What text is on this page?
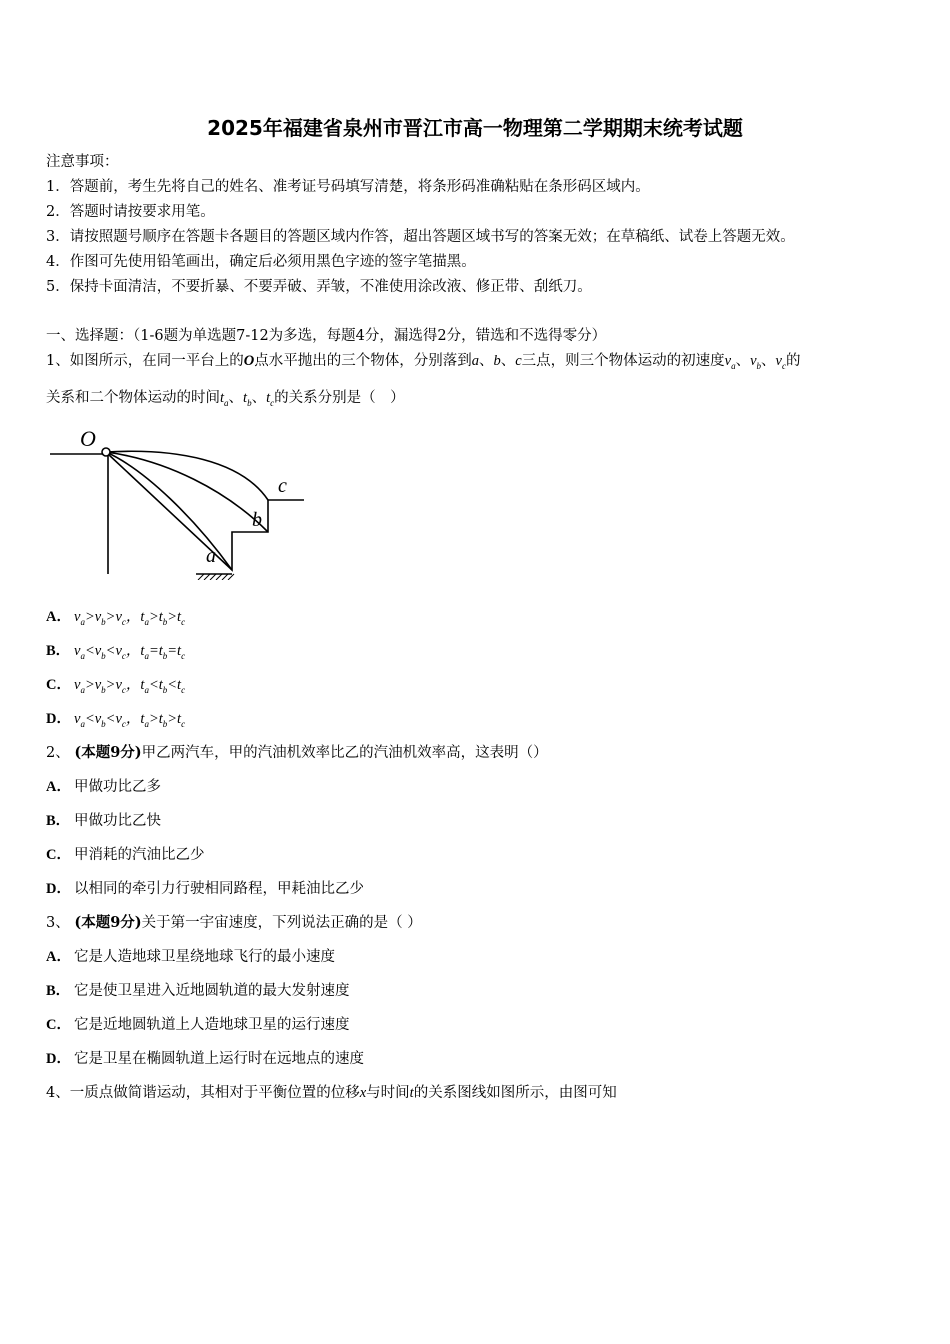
2025年福建省泉州市晋江市高一物理第二学期期末统考试题
注意事项：
1．答题前，考生先将自己的姓名、准考证号码填写清楚，将条形码准确粘贴在条形码区域内。
2．答题时请按要求用笔。
3．请按照题号顺序在答题卡各题目的答题区域内作答，超出答题区域书写的答案无效；在草稿纸、试卷上答题无效。
4．作图可先使用铅笔画出，确定后必须用黑色字迹的签字笔描黑。
5．保持卡面清洁，不要折暴、不要弄破、弄皱，不准使用涂改液、修正带、刮纸刀。
一、选择题：（1-6题为单选题7-12为多选，每题4分，漏选得2分，错选和不选得零分）
1、如图所示，在同一平台上的O点水平抛出的三个物体，分别落到a、b、c三点，则三个物体运动的初速度$v_a$、$v_b$、$v_c$的
关系和二个物体运动的时间$t_a$、$t_b$、$t_c$的关系分别是（　）
O
a
b
c
A． $v_a>v_b>v_c$，$t_a>t_b>t_c$
B． $v_a<v_b<v_c$，$t_a=t_b=t_c$
C． $v_a>v_b>v_c$，$t_a<t_b<t_c$
D． $v_a<v_b<v_c$，$t_a>t_b>t_c$
2、 (本题9分)甲乙两汽车，甲的汽油机效率比乙的汽油机效率高，这表明（）
A． 甲做功比乙多
B． 甲做功比乙快
C． 甲消耗的汽油比乙少
D． 以相同的牵引力行驶相同路程，甲耗油比乙少
3、 (本题9分)关于第一宇宙速度，下列说法正确的是（ ）
A． 它是人造地球卫星绕地球飞行的最小速度
B． 它是使卫星进入近地圆轨道的最大发射速度
C． 它是近地圆轨道上人造地球卫星的运行速度
D． 它是卫星在椭圆轨道上运行时在远地点的速度
4、一质点做简谐运动，其相对于平衡位置的位移x与时间t的关系图线如图所示，由图可知
